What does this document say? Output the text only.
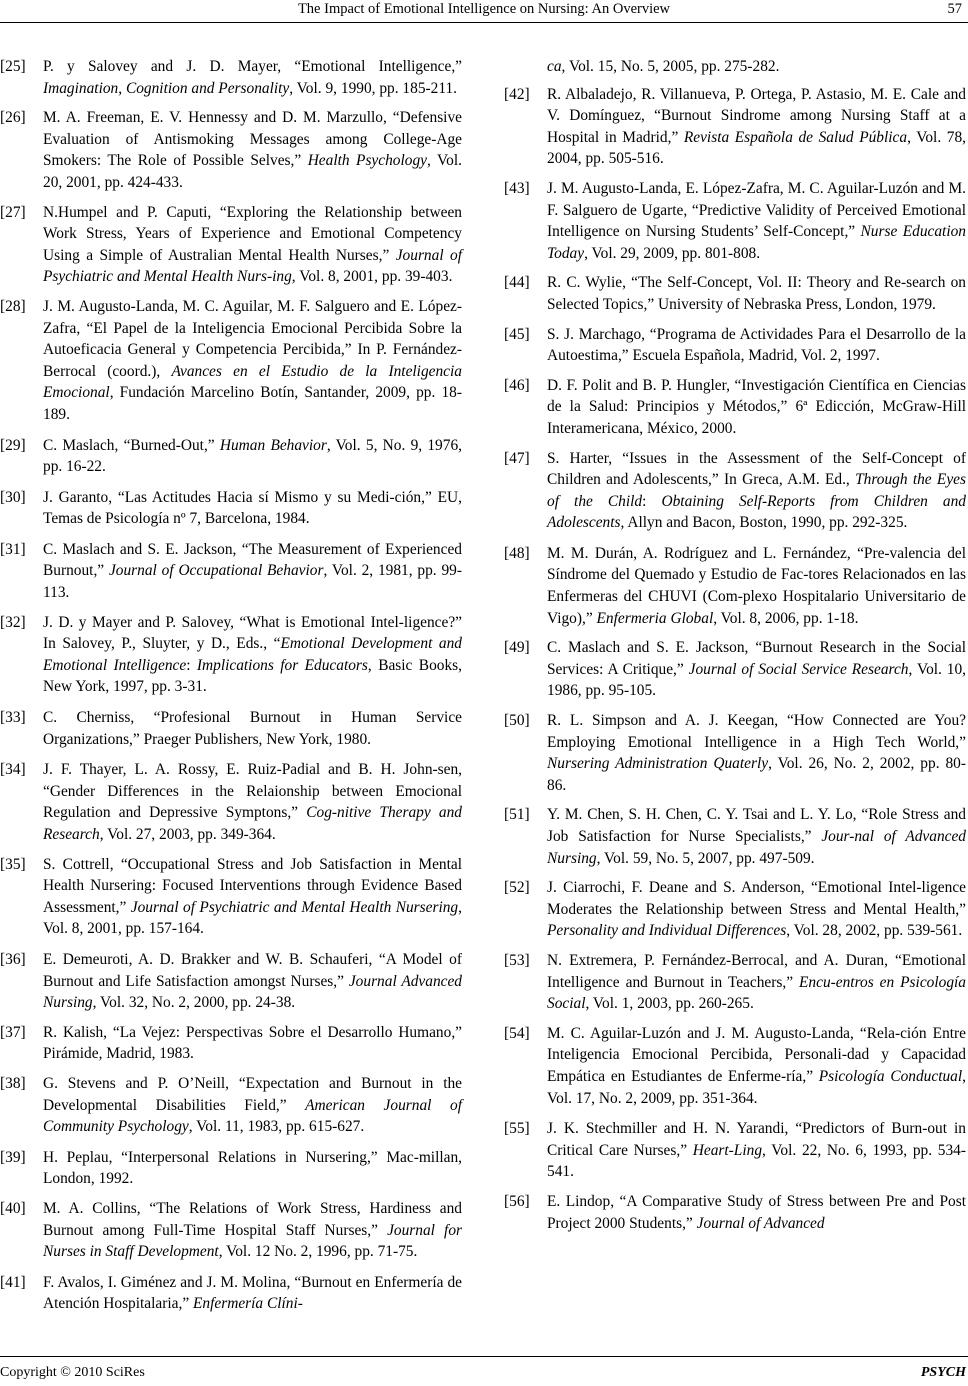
The Impact of Emotional Intelligence on Nursing: An Overview	57

[25] P. y Salovey and J. D. Mayer, “Emotional Intelligence,” Imagination, Cognition and Personality, Vol. 9, 1990, pp. 185-211.

[26] M. A. Freeman, E. V. Hennessy and D. M. Marzullo, “Defensive Evaluation of Antismoking Messages among College-Age Smokers: The Role of Possible Selves,” Health Psychology, Vol. 20, 2001, pp. 424-433.

[27] N.Humpel and P. Caputi, “Exploring the Relationship between Work Stress, Years of Experience and Emotional Competency Using a Simple of Australian Mental Health Nurses,” Journal of Psychiatric and Mental Health Nurs-ing, Vol. 8, 2001, pp. 39-403.

[28] J. M. Augusto-Landa, M. C. Aguilar, M. F. Salguero and E. López-Zafra, “El Papel de la Inteligencia Emocional Percibida Sobre la Autoeficacia General y Competencia Percibida,” In P. Fernández-Berrocal (coord.), Avances en el Estudio de la Inteligencia Emocional, Fundación Marcelino Botín, Santander, 2009, pp. 18-189.

[29] C. Maslach, “Burned-Out,” Human Behavior, Vol. 5, No. 9, 1976, pp. 16-22.

[30] J. Garanto, “Las Actitudes Hacia sí Mismo y su Medi-ción,” EU, Temas de Psicología nº 7, Barcelona, 1984.

[31] C. Maslach and S. E. Jackson, “The Measurement of Experienced Burnout,” Journal of Occupational Behavior, Vol. 2, 1981, pp. 99-113.

[32] J. D. y Mayer and P. Salovey, “What is Emotional Intel-ligence?” In Salovey, P., Sluyter, y D., Eds., “Emotional Development and Emotional Intelligence: Implications for Educators, Basic Books, New York, 1997, pp. 3-31.

[33] C. Cherniss, “Profesional Burnout in Human Service Organizations,” Praeger Publishers, New York, 1980.

[34] J. F. Thayer, L. A. Rossy, E. Ruiz-Padial and B. H. John-sen, “Gender Differences in the Relaionship between Emocional Regulation and Depressive Symptons,” Cog-nitive Therapy and Research, Vol. 27, 2003, pp. 349-364.

[35] S. Cottrell, “Occupational Stress and Job Satisfaction in Mental Health Nursering: Focused Interventions through Evidence Based Assessment,” Journal of Psychiatric and Mental Health Nursering, Vol. 8, 2001, pp. 157-164.

[36] E. Demeuroti, A. D. Brakker and W. B. Schauferi, “A Model of Burnout and Life Satisfaction amongst Nurses,” Journal Advanced Nursing, Vol. 32, No. 2, 2000, pp. 24-38.

[37] R. Kalish, “La Vejez: Perspectivas Sobre el Desarrollo Humano,” Pirámide, Madrid, 1983.

[38] G. Stevens and P. O’Neill, “Expectation and Burnout in the Developmental Disabilities Field,” American Journal of Community Psychology, Vol. 11, 1983, pp. 615-627.

[39] H. Peplau, “Interpersonal Relations in Nursering,” Mac-millan, London, 1992.

[40] M. A. Collins, “The Relations of Work Stress, Hardiness and Burnout among Full-Time Hospital Staff Nurses,” Journal for Nurses in Staff Development, Vol. 12 No. 2, 1996, pp. 71-75.

[41] F. Avalos, I. Giménez and J. M. Molina, “Burnout en Enfermería de Atención Hospitalaria,” Enfermería Clíni-

ca, Vol. 15, No. 5, 2005, pp. 275-282.

[42] R. Albaladejo, R. Villanueva, P. Ortega, P. Astasio, M. E. Cale and V. Domínguez, “Burnout Sindrome among Nursing Staff at a Hospital in Madrid,” Revista Española de Salud Pública, Vol. 78, 2004, pp. 505-516.

[43] J. M. Augusto-Landa, E. López-Zafra, M. C. Aguilar-Luzón and M. F. Salguero de Ugarte, “Predictive Validity of Perceived Emotional Intelligence on Nursing Students’ Self-Concept,” Nurse Education Today, Vol. 29, 2009, pp. 801-808.

[44] R. C. Wylie, “The Self-Concept, Vol. II: Theory and Re-search on Selected Topics,” University of Nebraska Press, London, 1979.

[45] S. J. Marchago, “Programa de Actividades Para el Desarrollo de la Autoestima,” Escuela Española, Madrid, Vol. 2, 1997.

[46] D. F. Polit and B. P. Hungler, “Investigación Científica en Ciencias de la Salud: Principios y Métodos,” 6ª Edicción, McGraw-Hill Interamericana, México, 2000.

[47] S. Harter, “Issues in the Assessment of the Self-Concept of Children and Adolescents,” In Greca, A.M. Ed., Through the Eyes of the Child: Obtaining Self-Reports from Children and Adolescents, Allyn and Bacon, Boston, 1990, pp. 292-325.

[48] M. M. Durán, A. Rodríguez and L. Fernández, “Pre-valencia del Síndrome del Quemado y Estudio de Fac-tores Relacionados en las Enfermeras del CHUVI (Com-plexo Hospitalario Universitario de Vigo),” Enfermeria Global, Vol. 8, 2006, pp. 1-18.

[49] C. Maslach and S. E. Jackson, “Burnout Research in the Social Services: A Critique,” Journal of Social Service Research, Vol. 10, 1986, pp. 95-105.

[50] R. L. Simpson and A. J. Keegan, “How Connected are You? Employing Emotional Intelligence in a High Tech World,” Nursering Administration Quaterly, Vol. 26, No. 2, 2002, pp. 80-86.

[51] Y. M. Chen, S. H. Chen, C. Y. Tsai and L. Y. Lo, “Role Stress and Job Satisfaction for Nurse Specialists,” Jour-nal of Advanced Nursing, Vol. 59, No. 5, 2007, pp. 497-509.

[52] J. Ciarrochi, F. Deane and S. Anderson, “Emotional Intel-ligence Moderates the Relationship between Stress and Mental Health,” Personality and Individual Differences, Vol. 28, 2002, pp. 539-561.

[53] N. Extremera, P. Fernández-Berrocal, and A. Duran, “Emotional Intelligence and Burnout in Teachers,” Encu-entros en Psicología Social, Vol. 1, 2003, pp. 260-265.

[54] M. C. Aguilar-Luzón and J. M. Augusto-Landa, “Rela-ción Entre Inteligencia Emocional Percibida, Personali-dad y Capacidad Empática en Estudiantes de Enferme-ría,” Psicología Conductual, Vol. 17, No. 2, 2009, pp. 351-364.

[55] J. K. Stechmiller and H. N. Yarandi, “Predictors of Burn-out in Critical Care Nurses,” Heart-Ling, Vol. 22, No. 6, 1993, pp. 534-541.

[56] E. Lindop, “A Comparative Study of Stress between Pre and Post Project 2000 Students,” Journal of Advanced

Copyright © 2010 SciRes	PSYCH
